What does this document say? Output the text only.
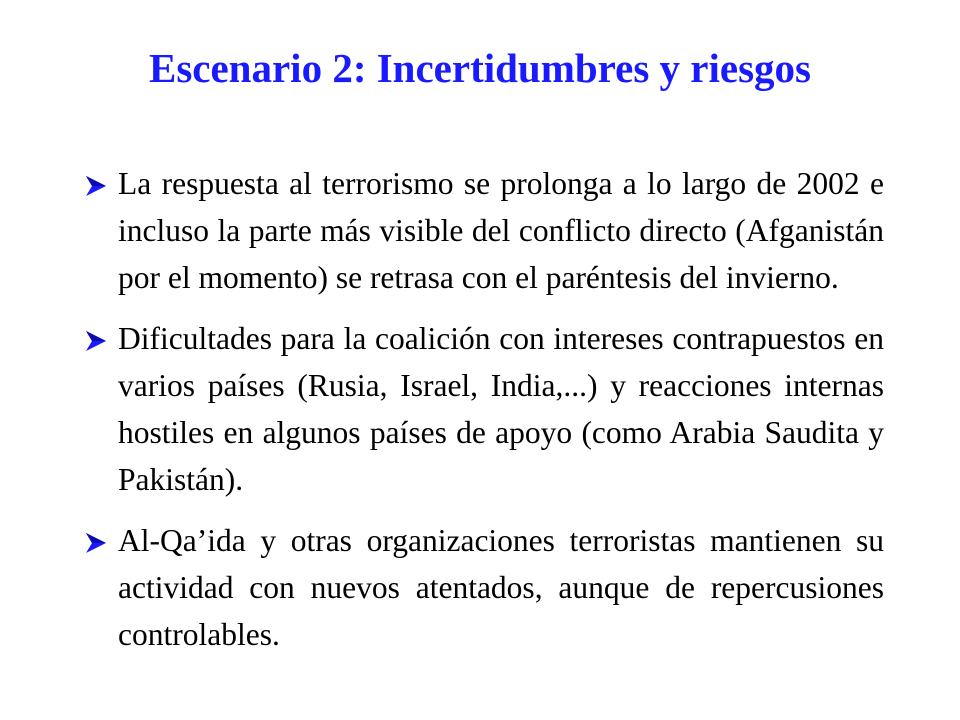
Escenario 2: Incertidumbres y riesgos
La respuesta al terrorismo se prolonga a lo largo de 2002 e incluso la parte más visible del conflicto directo (Afganistán por el momento) se retrasa con el paréntesis del invierno.
Dificultades para la coalición con intereses contrapuestos en varios países (Rusia, Israel, India,...) y reacciones internas hostiles en algunos países de apoyo (como Arabia Saudita y Pakistán).
Al-Qa’ida y otras organizaciones terroristas mantienen su actividad con nuevos atentados, aunque de repercusiones controlables.
